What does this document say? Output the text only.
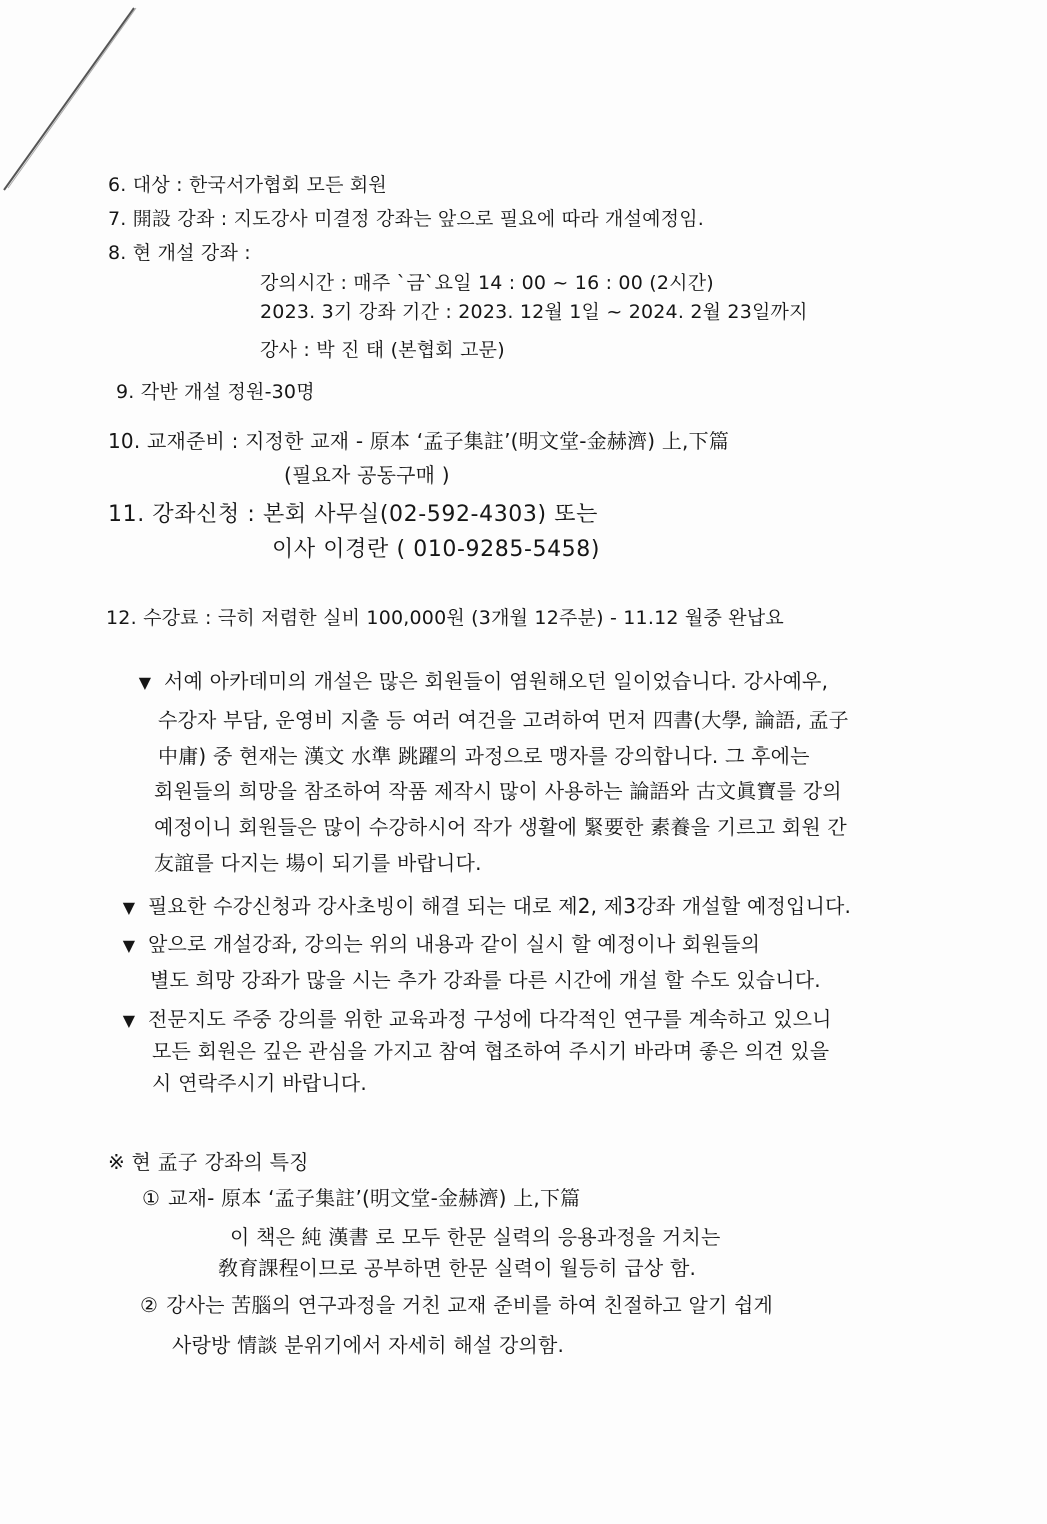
6. 대상 : 한국서가협회 모든 회원
7. 開設 강좌 : 지도강사 미결정 강좌는 앞으로 필요에 따라 개설예정임.
8. 현 개설 강좌 :
강의시간 : 매주 `금`요일 14 : 00 ~ 16 : 00 (2시간)
2023. 3기 강좌 기간 : 2023. 12월 1일 ~ 2024. 2월 23일까지
강사 : 박 진 태 (본협회 고문)
9. 각반 개설 정원-30명
10. 교재준비 : 지정한 교재 - 原本 ‘孟子集註’(明文堂-金赫濟) 上,下篇
(필요자 공동구매 )
11. 강좌신청 : 본회 사무실(02-592-4303) 또는
이사 이경란 ( 010-9285-5458)
12. 수강료 : 극히 저렴한 실비 100,000원 (3개월 12주분) - 11.12 월중 완납요
▼ 서예 아카데미의 개설은 많은 회원들이 염원해오던 일이었습니다. 강사예우,
수강자 부담, 운영비 지출 등 여러 여건을 고려하여 먼저 四書(大學, 論語, 孟子
中庸) 중 현재는 漢文 水準 跳躍의 과정으로 맹자를 강의합니다. 그 후에는
회원들의 희망을 참조하여 작품 제작시 많이 사용하는 論語와 古文眞寶를 강의
예정이니 회원들은 많이 수강하시어 작가 생활에 緊要한 素養을 기르고 회원 간
友誼를 다지는 場이 되기를 바랍니다.
▼ 필요한 수강신청과 강사초빙이 해결 되는 대로 제2, 제3강좌 개설할 예정입니다.
▼ 앞으로 개설강좌, 강의는 위의 내용과 같이 실시 할 예정이나 회원들의
별도 희망 강좌가 많을 시는 추가 강좌를 다른 시간에 개설 할 수도 있습니다.
▼ 전문지도 주중 강의를 위한 교육과정 구성에 다각적인 연구를 계속하고 있으니
모든 회원은 깊은 관심을 가지고 참여 협조하여 주시기 바라며 좋은 의견 있을
시 연락주시기 바랍니다.
※ 현 孟子 강좌의 특징
① 교재- 原本 ‘孟子集註’(明文堂-金赫濟) 上,下篇
이 책은 純 漢書 로 모두 한문 실력의 응용과정을 거치는
敎育課程이므로 공부하면 한문 실력이 월등히 급상 함.
② 강사는 苦腦의 연구과정을 거친 교재 준비를 하여 친절하고 알기 쉽게
사랑방 情談 분위기에서 자세히 해설 강의함.
